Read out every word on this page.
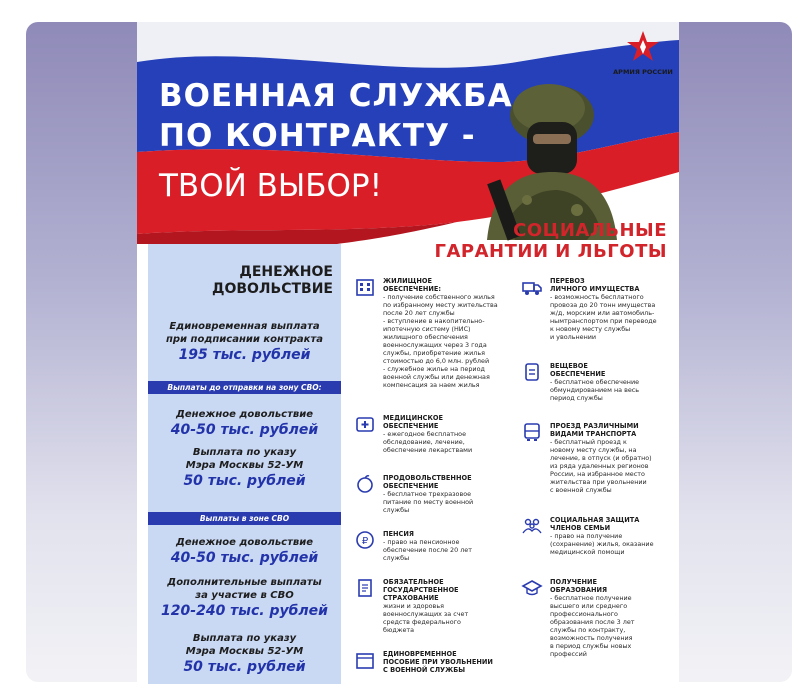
ВОЕННАЯ СЛУЖБА
ПО КОНТРАКТУ -
ТВОЙ ВЫБОР!
АРМИЯ РОССИИ
ДЕНЕЖНОЕ
ДОВОЛЬСТВИЕ
Единовременная выплата
при подписании контракта
195 тыс. рублей
Выплаты до отправки на зону СВО:
Денежное довольствие
40-50 тыс. рублей
Выплата по указу
Мэра Москвы 52-УМ
50 тыс. рублей
Выплаты в зоне СВО
Денежное довольствие
40-50 тыс. рублей
Дополнительные выплаты
за участие в СВО
120-240 тыс. рублей
Выплата по указу
Мэра Москвы 52-УМ
50 тыс. рублей
СОЦИАЛЬНЫЕ
ГАРАНТИИ И ЛЬГОТЫ
ЖИЛИЩНОЕ
ОБЕСПЕЧЕНИЕ:
- получение собственного жилья
по избранному месту жительства
после 20 лет службы
- вступление в накопительно-
ипотечную систему (НИС)
жилищного обеспечения
военнослужащих через 3 года
службы, приобретение жилья
стоимостью до 6,0 млн. рублей
- служебное жилье на период
военной службы или денежная
компенсация за наем жилья
МЕДИЦИНСКОЕ
ОБЕСПЕЧЕНИЕ
- ежегодное бесплатное
обследование, лечение,
обеспечение лекарствами
ПРОДОВОЛЬСТВЕННОЕ
ОБЕСПЕЧЕНИЕ
- бесплатное трехразовое
питание по месту военной
службы
₽
ПЕНСИЯ
- право на пенсионное
обеспечение после 20 лет
службы
ОБЯЗАТЕЛЬНОЕ
ГОСУДАРСТВЕННОЕ
СТРАХОВАНИЕ
жизни и здоровья
военнослужащих за счет
средств федерального
бюджета
ЕДИНОВРЕМЕННОЕ
ПОСОБИЕ ПРИ УВОЛЬНЕНИИ
С ВОЕННОЙ СЛУЖБЫ
ПЕРЕВОЗ
ЛИЧНОГО ИМУЩЕСТВА
- возможность бесплатного
провоза до 20 тонн имущества
ж/д, морским или автомобиль-
нымтранспортом при переводе
к новому месту службы
и увольнении
ВЕЩЕВОЕ
ОБЕСПЕЧЕНИЕ
- бесплатное обеспечение
обмундированием на весь
период службы
ПРОЕЗД РАЗЛИЧНЫМИ
ВИДАМИ ТРАНСПОРТА
- бесплатный проезд к
новому месту службы, на
лечение, в отпуск (и обратно)
из ряда удаленных регионов
России, на избранное место
жительства при увольнении
с военной службы
СОЦИАЛЬНАЯ ЗАЩИТА
ЧЛЕНОВ СЕМЬИ
- право на получение
(сохранение) жилья, оказание
медицинской помощи
ПОЛУЧЕНИЕ
ОБРАЗОВАНИЯ
- бесплатное получение
высшего или среднего
профессионального
образования после 3 лет
службы по контракту,
возможность получения
в период службы новых
профессий
